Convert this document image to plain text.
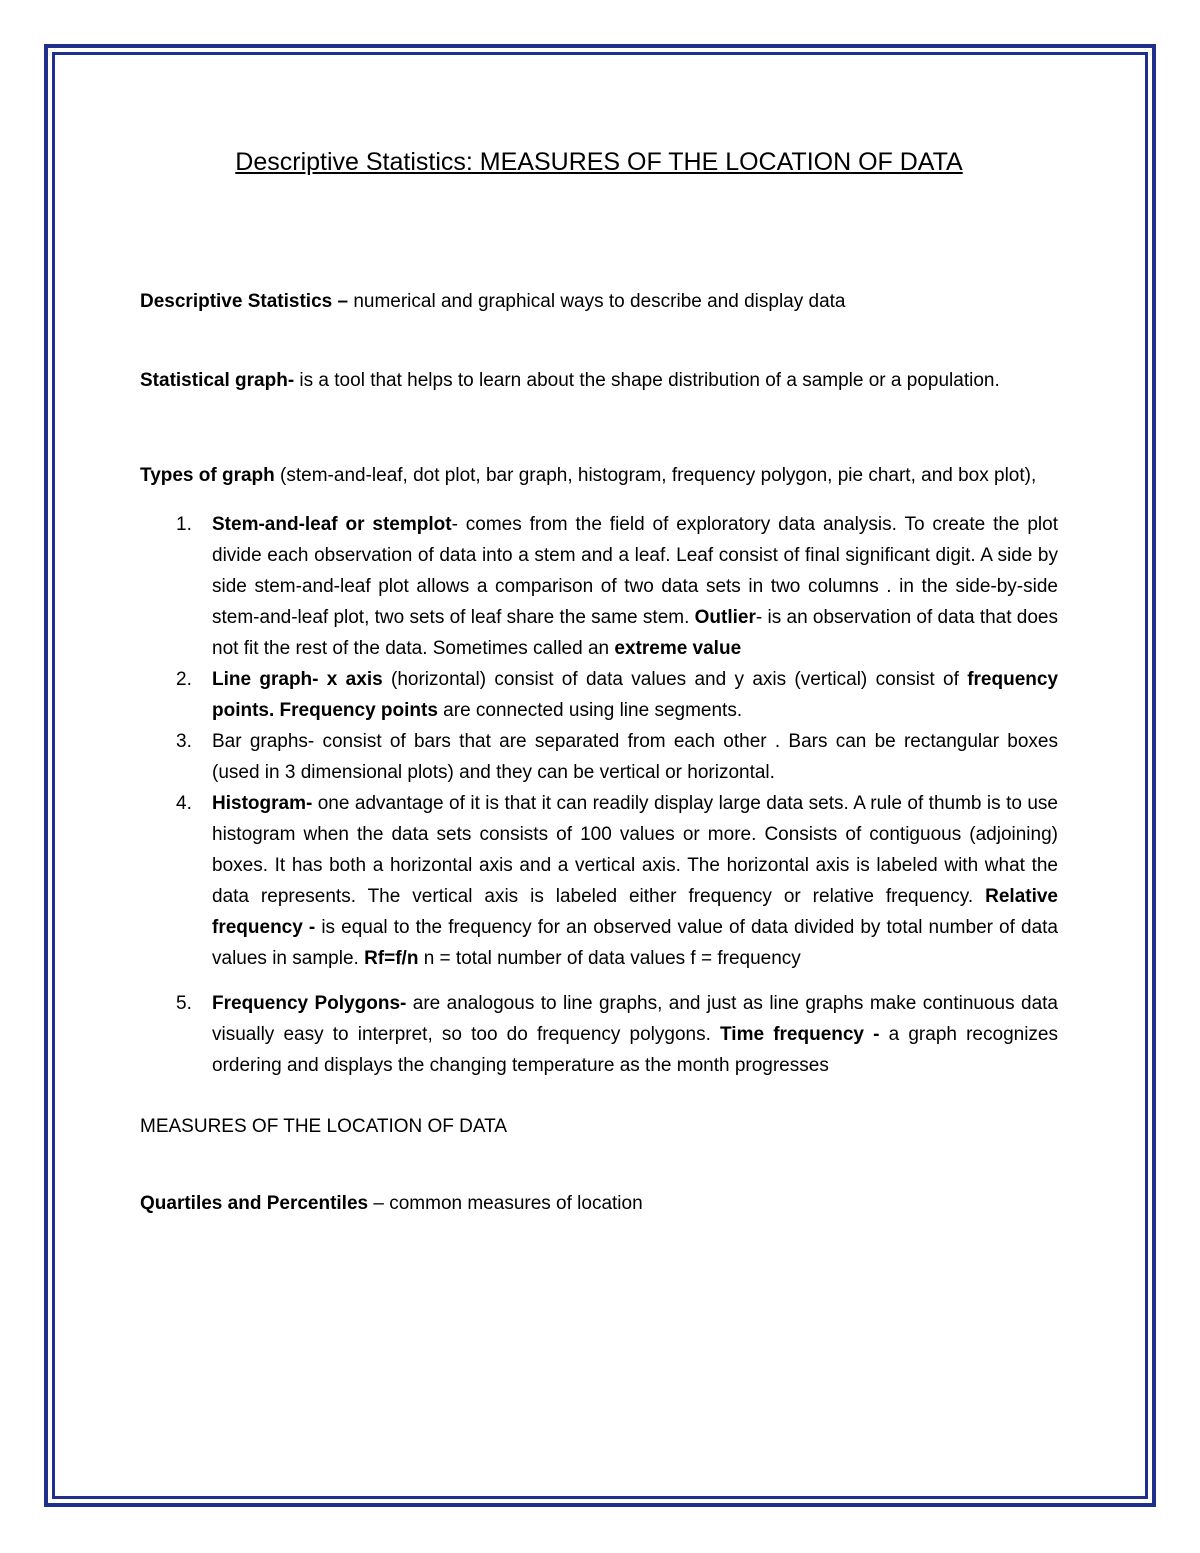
Descriptive Statistics: MEASURES OF THE LOCATION OF DATA

Descriptive Statistics – numerical and graphical ways to describe and display data

Statistical graph- is a tool that helps to learn about the shape distribution of a sample or a population.

Types of graph (stem-and-leaf, dot plot, bar graph, histogram, frequency polygon, pie chart, and box plot),

1. Stem-and-leaf or stemplot- comes from the field of exploratory data analysis. To create the plot divide each observation of data into a stem and a leaf. Leaf consist of final significant digit. A side by side stem-and-leaf plot allows a comparison of two data sets in two columns . in the side-by-side stem-and-leaf plot, two sets of leaf share the same stem. Outlier- is an observation of data that does not fit the rest of the data. Sometimes called an extreme value
2. Line graph- x axis (horizontal) consist of data values and y axis (vertical) consist of frequency points. Frequency points are connected using line segments.
3. Bar graphs- consist of bars that are separated from each other . Bars can be rectangular boxes (used in 3 dimensional plots) and they can be vertical or horizontal.
4. Histogram- one advantage of it is that it can readily display large data sets. A rule of thumb is to use histogram when the data sets consists of 100 values or more. Consists of contiguous (adjoining) boxes. It has both a horizontal axis and a vertical axis. The horizontal axis is labeled with what the data represents. The vertical axis is labeled either frequency or relative frequency. Relative frequency - is equal to the frequency for an observed value of data divided by total number of data values in sample. Rf=f/n n = total number of data values f = frequency
5. Frequency Polygons- are analogous to line graphs, and just as line graphs make continuous data visually easy to interpret, so too do frequency polygons. Time frequency - a graph recognizes ordering and displays the changing temperature as the month progresses

MEASURES OF THE LOCATION OF DATA

Quartiles and Percentiles – common measures of location
